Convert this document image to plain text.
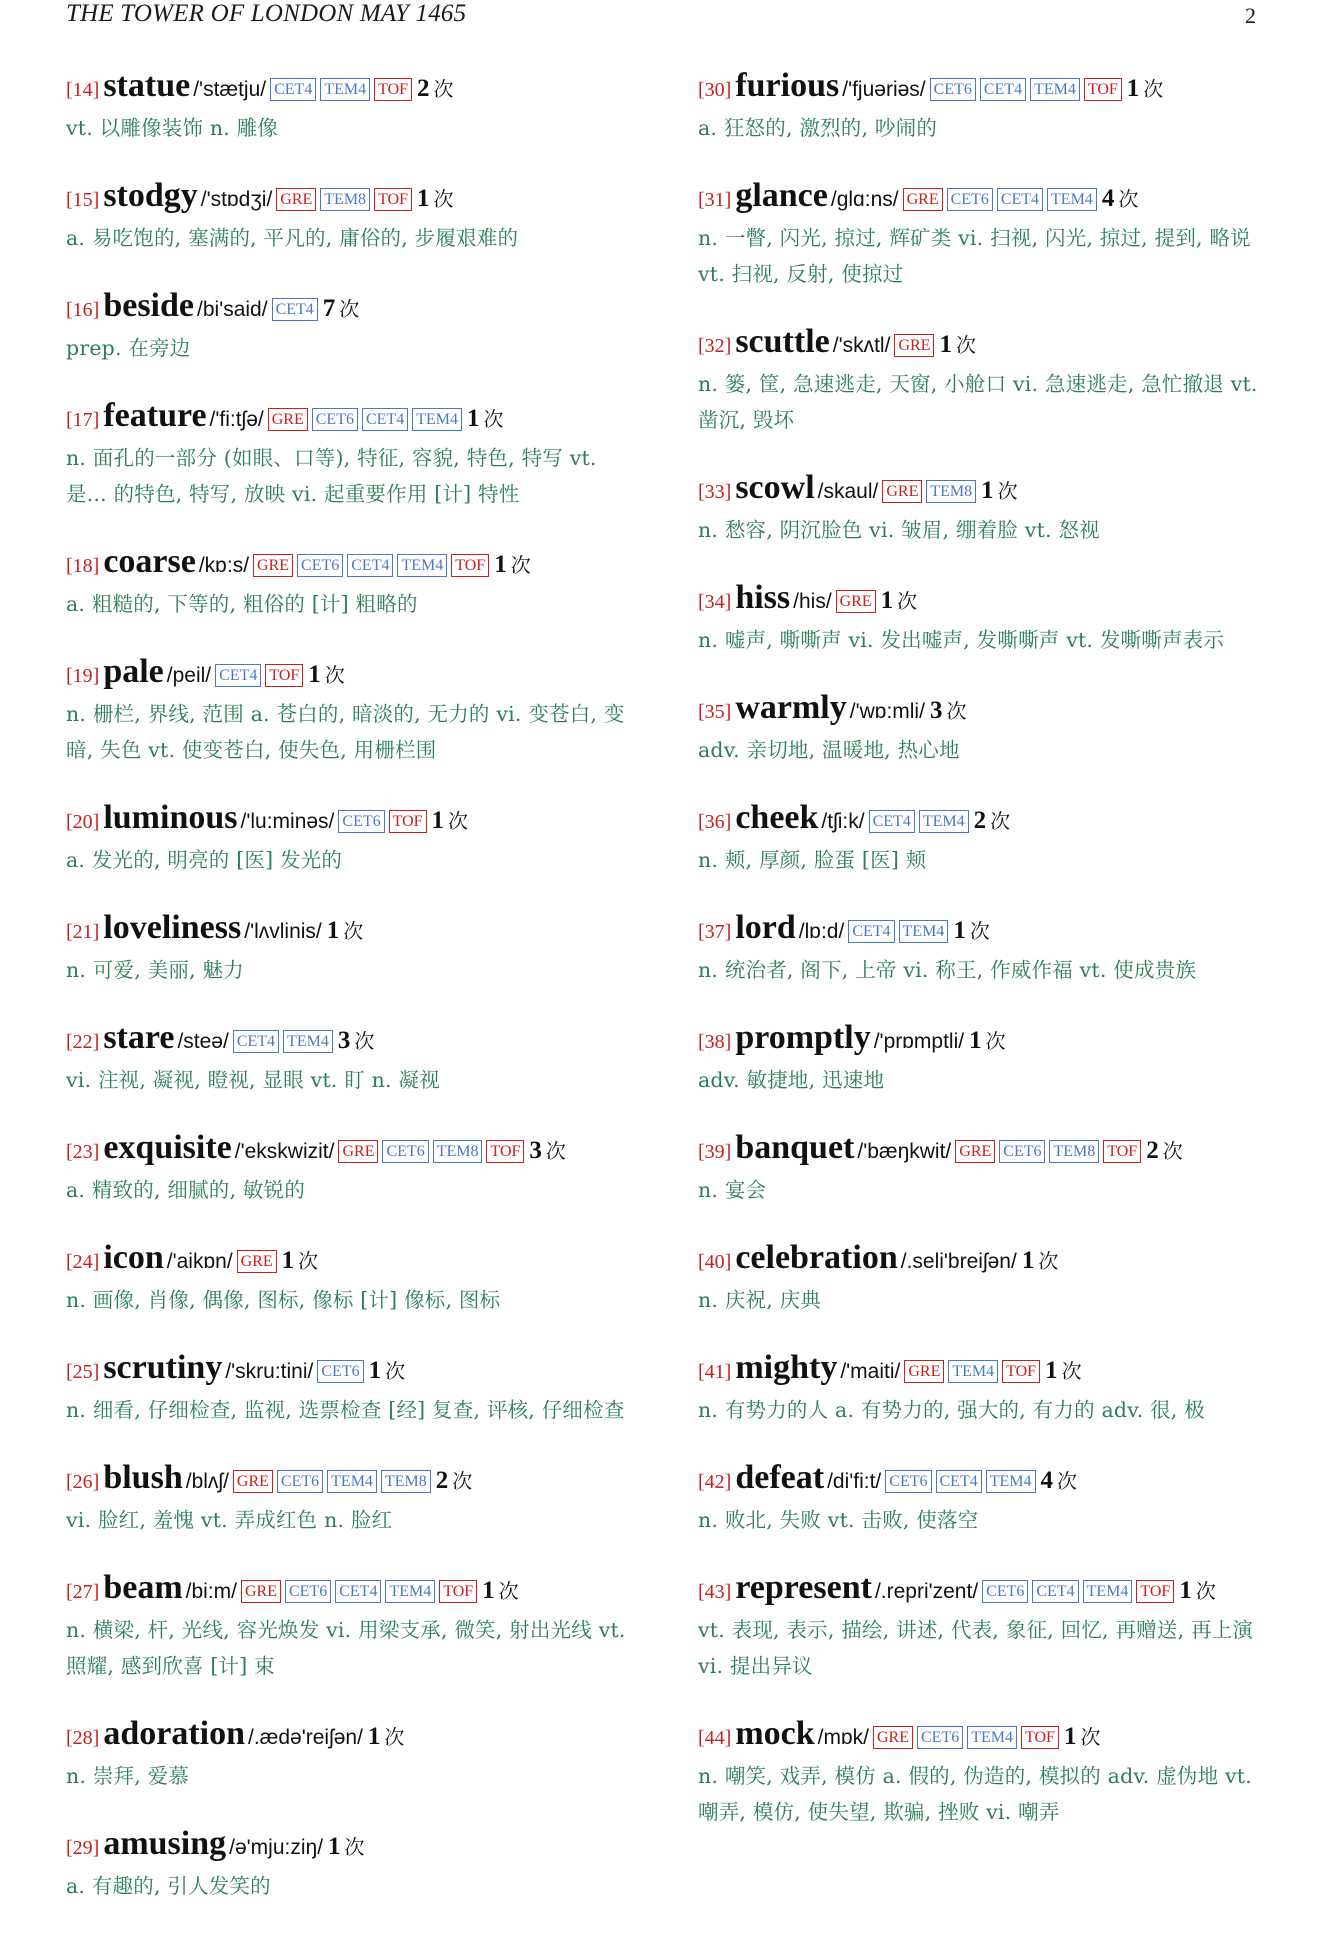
THE TOWER OF LONDON MAY 1465	2
[14] statue /'stætju/ CET4 TEM4 TOF 2 次
vt. 以雕像装饰 n. 雕像
[15] stodgy /'stɒdʒi/ GRE TEM8 TOF 1 次
a. 易吃饱的, 塞满的, 平凡的, 庸俗的, 步履艰难的
[16] beside /bi'said/ CET4 7 次
prep. 在旁边
[17] feature /'fi:tʃə/ GRE CET6 CET4 TEM4 1 次
n. 面孔的一部分 (如眼、口等), 特征, 容貌, 特色, 特写 vt. 是... 的特色, 特写, 放映 vi. 起重要作用 [计] 特性
[18] coarse /kɒ:s/ GRE CET6 CET4 TEM4 TOF 1 次
a. 粗糙的, 下等的, 粗俗的 [计] 粗略的
[19] pale /peil/ CET4 TOF 1 次
n. 栅栏, 界线, 范围 a. 苍白的, 暗淡的, 无力的 vi. 变苍白, 变暗, 失色 vt. 使变苍白, 使失色, 用栅栏围
[20] luminous /'lu:minəs/ CET6 TOF 1 次
a. 发光的, 明亮的 [医] 发光的
[21] loveliness /'lʌvlinis/ 1 次
n. 可爱, 美丽, 魅力
[22] stare /steə/ CET4 TEM4 3 次
vi. 注视, 凝视, 瞪视, 显眼 vt. 盯 n. 凝视
[23] exquisite /'ekskwizit/ GRE CET6 TEM8 TOF 3 次
a. 精致的, 细腻的, 敏锐的
[24] icon /'aikɒn/ GRE 1 次
n. 画像, 肖像, 偶像, 图标, 像标 [计] 像标, 图标
[25] scrutiny /'skru:tini/ CET6 1 次
n. 细看, 仔细检查, 监视, 选票检查 [经] 复查, 评核, 仔细检查
[26] blush /blʌʃ/ GRE CET6 TEM4 TEM8 2 次
vi. 脸红, 羞愧 vt. 弄成红色 n. 脸红
[27] beam /bi:m/ GRE CET6 CET4 TEM4 TOF 1 次
n. 横梁, 杆, 光线, 容光焕发 vi. 用梁支承, 微笑, 射出光线 vt. 照耀, 感到欣喜 [计] 束
[28] adoration /.ædə'reiʃən/ 1 次
n. 崇拜, 爱慕
[29] amusing /ə'mju:ziŋ/ 1 次
a. 有趣的, 引人发笑的
[30] furious /'fjuəriəs/ CET6 CET4 TEM4 TOF 1 次
a. 狂怒的, 激烈的, 吵闹的
[31] glance /glɑ:ns/ GRE CET6 CET4 TEM4 4 次
n. 一瞥, 闪光, 掠过, 辉矿类 vi. 扫视, 闪光, 掠过, 提到, 略说 vt. 扫视, 反射, 使掠过
[32] scuttle /'skʌtl/ GRE 1 次
n. 篓, 筐, 急速逃走, 天窗, 小舱口 vi. 急速逃走, 急忙撤退 vt. 凿沉, 毁坏
[33] scowl /skaul/ GRE TEM8 1 次
n. 愁容, 阴沉脸色 vi. 皱眉, 绷着脸 vt. 怒视
[34] hiss /his/ GRE 1 次
n. 嘘声, 嘶嘶声 vi. 发出嘘声, 发嘶嘶声 vt. 发嘶嘶声表示
[35] warmly /'wɒ:mli/ 3 次
adv. 亲切地, 温暖地, 热心地
[36] cheek /tʃi:k/ CET4 TEM4 2 次
n. 颊, 厚颜, 脸蛋 [医] 颊
[37] lord /lɒ:d/ CET4 TEM4 1 次
n. 统治者, 阁下, 上帝 vi. 称王, 作威作福 vt. 使成贵族
[38] promptly /'prɒmptli/ 1 次
adv. 敏捷地, 迅速地
[39] banquet /'bæŋkwit/ GRE CET6 TEM8 TOF 2 次
n. 宴会
[40] celebration /.seli'breiʃən/ 1 次
n. 庆祝, 庆典
[41] mighty /'maiti/ GRE TEM4 TOF 1 次
n. 有势力的人 a. 有势力的, 强大的, 有力的 adv. 很, 极
[42] defeat /di'fi:t/ CET6 CET4 TEM4 4 次
n. 败北, 失败 vt. 击败, 使落空
[43] represent /.repri'zent/ CET6 CET4 TEM4 TOF 1 次
vt. 表现, 表示, 描绘, 讲述, 代表, 象征, 回忆, 再赠送, 再上演 vi. 提出异议
[44] mock /mɒk/ GRE CET6 TEM4 TOF 1 次
n. 嘲笑, 戏弄, 模仿 a. 假的, 伪造的, 模拟的 adv. 虚伪地 vt. 嘲弄, 模仿, 使失望, 欺骗, 挫败 vi. 嘲弄
